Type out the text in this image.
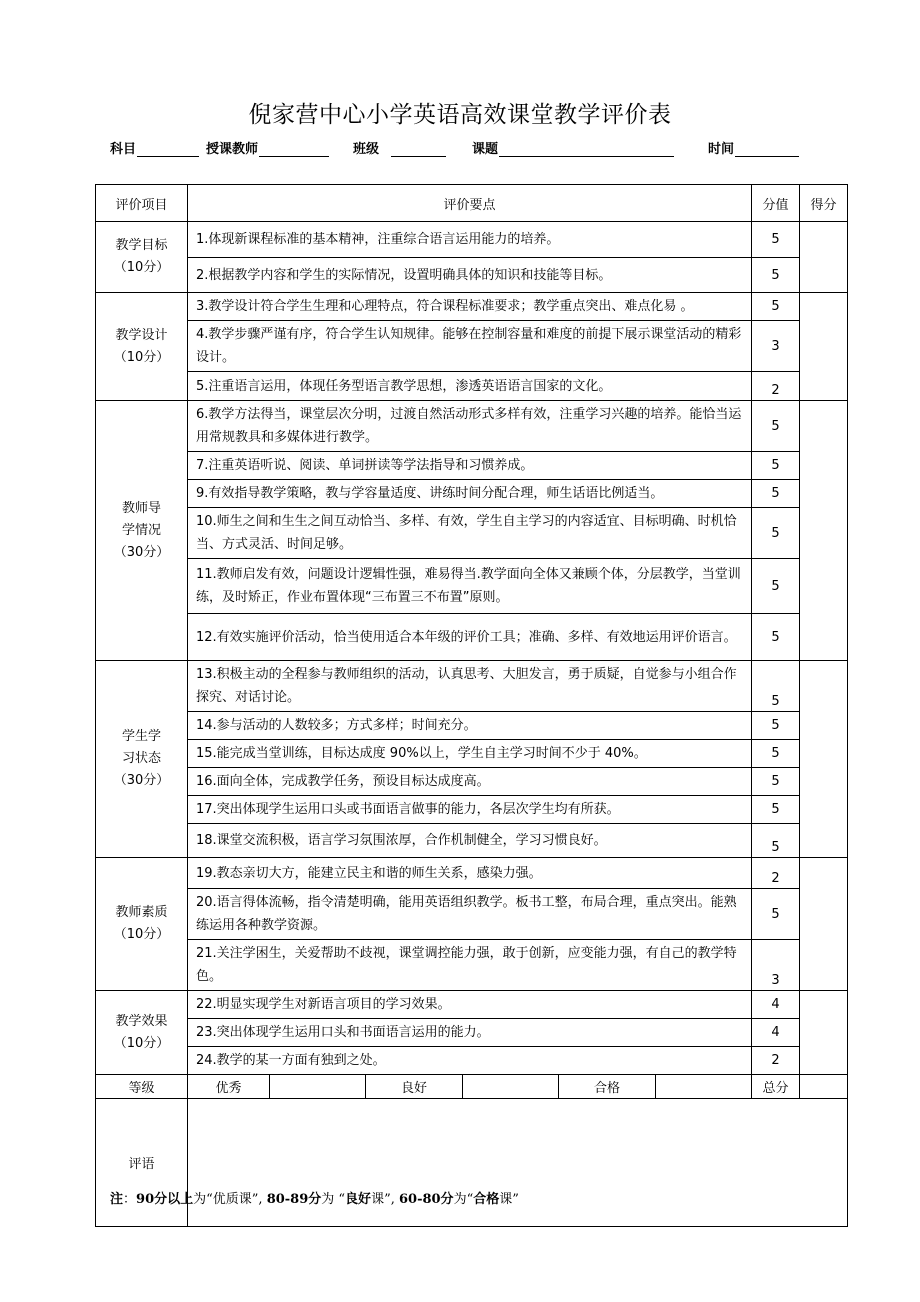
倪家营中心小学英语高效课堂教学评价表
科目	授课教师	班级	课题	时间
评价项目	评价要点						分值	得分

教学目标
（10分）	1.体现新课程标准的基本精神，注重综合语言运用能力的培养。						5	
	2.根据教学内容和学生的实际情况，设置明确具体的知识和技能等目标。						5	

教学设计
（10分）	3.教学设计符合学生生理和心理特点，符合课程标准要求；教学重点突出、难点化易 。						5	
	4.教学步骤严谨有序，符合学生认知规律。能够在控制容量和难度的前提下展示课堂活动的精彩设计。						3	
	5.注重语言运用，体现任务型语言教学思想，渗透英语语言国家的文化。						2	

教师导
学情况
（30分）	6.教学方法得当，课堂层次分明，过渡自然活动形式多样有效，注重学习兴趣的培养。能恰当运用常规教具和多媒体进行教学。						5	
	7.注重英语听说、阅读、单词拼读等学法指导和习惯养成。						5	
	9.有效指导教学策略，教与学容量适度、讲练时间分配合理，师生话语比例适当。						5	
	10.师生之间和生生之间互动恰当、多样、有效，学生自主学习的内容适宜、目标明确、时机恰当、方式灵活、时间足够。						5	
	11.教师启发有效，问题设计逻辑性强，难易得当.教学面向全体又兼顾个体，分层教学，当堂训练，及时矫正，作业布置体现“三布置三不布置”原则。						5	
	12.有效实施评价活动，恰当使用适合本年级的评价工具；准确、多样、有效地运用评价语言。						5	

学生学
习状态
（30分）	13.积极主动的全程参与教师组织的活动，认真思考、大胆发言，勇于质疑，自觉参与小组合作探究、对话讨论。						5	
	14.参与活动的人数较多；方式多样；时间充分。						5	
	15.能完成当堂训练，目标达成度 90%以上，学生自主学习时间不少于 40%。						5	
	16.面向全体，完成教学任务，预设目标达成度高。						5	
	17.突出体现学生运用口头或书面语言做事的能力，各层次学生均有所获。						5	
	18.课堂交流积极，语言学习氛围浓厚，合作机制健全，学习习惯良好。						5	

教师素质
（10分）	19.教态亲切大方，能建立民主和谐的师生关系，感染力强。						2	
	20.语言得体流畅，指令清楚明确，能用英语组织教学。板书工整，布局合理，重点突出。能熟练运用各种教学资源。						5	
	21.关注学困生，关爱帮助不歧视，课堂调控能力强，敢于创新，应变能力强，有自己的教学特色。						3	

教学效果
（10分）	22.明显实现学生对新语言项目的学习效果。						4	
	23.突出体现学生运用口头和书面语言运用的能力。						4	
	24.教学的某一方面有独到之处。						2	
等级	优秀		良好		合格		总分	
评语								
注：90分以上为“优质课”, 80-89分为 “良好课”, 60-80分为“合格课”
